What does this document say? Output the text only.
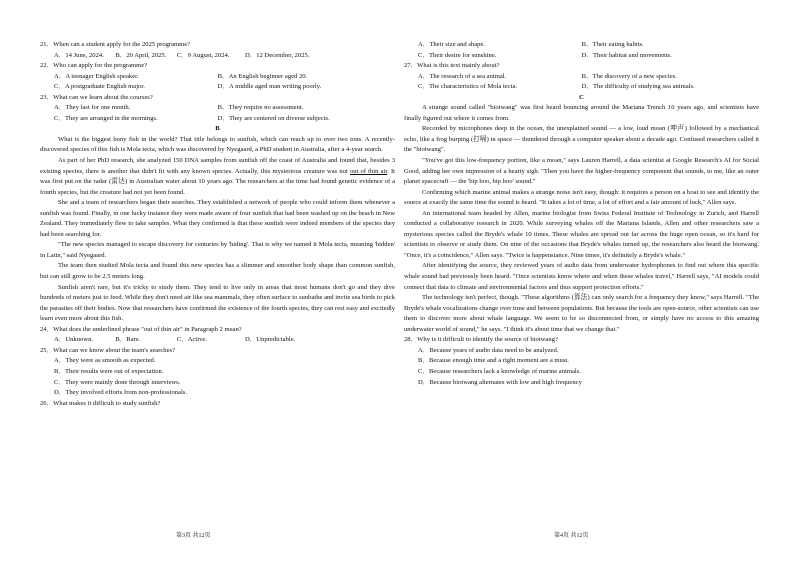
21．When can a student apply for the 2025 programme?

A．14 June, 2024.	B．20 April, 2025.	C．9 August, 2024.	D．12 December, 2025.

22．Who can apply for the programme?

A．A teenager English speaker.	B．An English beginner aged 20.
C．A postgraduate English major.	D．A middle aged man writing poorly.

23．What can we learn about the courses?

A．They last for one month.	B．They require no assessment.
C．They are arranged in the mornings.	D．They are centered on diverse subjects.

B

What is the biggest bony fish in the world? That title belongs to sunfish, which can reach up to over two tons. A recently-discovered species of this fish is Mola tecta, which was discovered by Nyegaard, a PhD student in Australia, after a 4-year search.

As part of her PhD research, she analyzed 150 DNA samples from sunfish off the coast of Australia and found that, besides 3 existing species, there is another that didn't fit with any known species. Actually, this mysterious creature was not out of thin air. It was first put on the radar (雷达) in Australian water about 10 years ago. The researchers at the time had found genetic evidence of a fourth species, but the creature had not yet been found.

She and a team of researchers began their searches. They established a network of people who could inform them whenever a sunfish was found. Finally, in one lucky instance they were made aware of four sunfish that had been washed up on the beach in New Zealand. They immediately flew to take samples. What they confirmed is that these sunfish were indeed members of the species they had been searching for.

"The new species managed to escape discovery for centuries by 'hiding'. That is why we named it Mola tecta, meaning 'hidden' in Latin," said Nyegaard.

The team then studied Mola tecta and found this new species has a slimmer and smoother body shape than common sunfish, but can still grow to be 2.5 meters long.

Sunfish aren't rare, but it's tricky to study them. They tend to live only in areas that most humans don't go and they dive hundreds of meters just to feed. While they don't need air like sea mammals, they often surface to sunbathe and invite sea birds to pick the parasites off their bodies. Now that researchers have confirmed the existence of the fourth species, they can rest easy and excitedly learn even more about this fish.

24．What does the underlined phrase "out of thin air" in Paragraph 2 mean?

A．Unknown.	B．Rare.	C．Active.	D．Unpredictable.

25．What can we know about the team's searches?

A．They were as smooth as expected.

B．Their results were out of expectation.

C．They were mainly done through interviews.

D．They involved efforts from non-professionals.

26．What makes it difficult to study sunfish?

第3页 共12页
A．Their size and shape.	B．Their eating habits.
C．Their desire for sunshine.	D．Their habitat and movements.

27．What is this text mainly about?

A．The research of a sea animal.	B．The discovery of a new species.
C．The characteristics of Mola tecta.	D．The difficulty of studying sea animals.

C

A strange sound called "biotwang" was first heard bouncing around the Mariana Trench 10 years ago, and scientists have finally figured out where it comes from.

Recorded by microphones deep in the ocean, the unexplained sound — a low, loud moan (呻声) followed by a mechanical echo, like a frog burping (打嗝) in space — thundered through a computer speaker about a decade ago. Confused researchers called it the "biotwang".

"You've got this low-frequency portion, like a moan," says Lauren Harrell, a data scientist at Google Research's AI for Social Good, adding her own impression of a hearty sigh. "Then you have the higher-frequency component that sounds, to me, like an outer planet spacecraft — the 'bip boo, bip boo' sound."

Confirming which marine animal makes a strange noise isn't easy, though: it requires a person on a boat to see and identify the source at exactly the same time the sound is heard. "It takes a lot of time, a lot of effort and a fair amount of luck," Allen says.

An international team headed by Allen, marine biologist from Swiss Federal Institute of Technology in Zurich, and Harrell conducted a collaborative research in 2020. While surveying whales off the Mariana Islands, Allen and other researchers saw a mysterious species called the Bryde's whale 10 times. These whales are spread out far across the huge open ocean, so it's hard for scientists to observe or study them. On nine of the occasions that Bryde's whales turned up, the researchers also heard the biotwang. "Once, it's a coincidence," Allen says. "Twice is happenstance. Nine times, it's definitely a Bryde's whale."

After identifying the source, they reviewed years of audio data from underwater hydrophones to find out where this specific whale sound had previously been heard. "Once scientists know where and when these whales travel," Harrell says, "AI models could connect that data to climate and environmental factors and thus support protection efforts."

The technology isn't perfect, though. "These algorithms (算法) can only search for a frequency they know," says Harrell. "The Bryde's whale vocalizations change over time and between populations. But because the tools are open-source, other scientists can use them to discover more about whale language. We seem to be so disconnected from, or simply have no access to this amazing underwater world of sound," he says. "I think it's about time that we change that."

28．Why is it difficult to identify the source of biotwang?

A．Because years of audio data need to be analyzed.

B．Because enough time and a right moment are a must.

C．Because researchers lack a knowledge of marine animals.

D．Because biotwang alternates with low and high frequency

第4页 共12页
